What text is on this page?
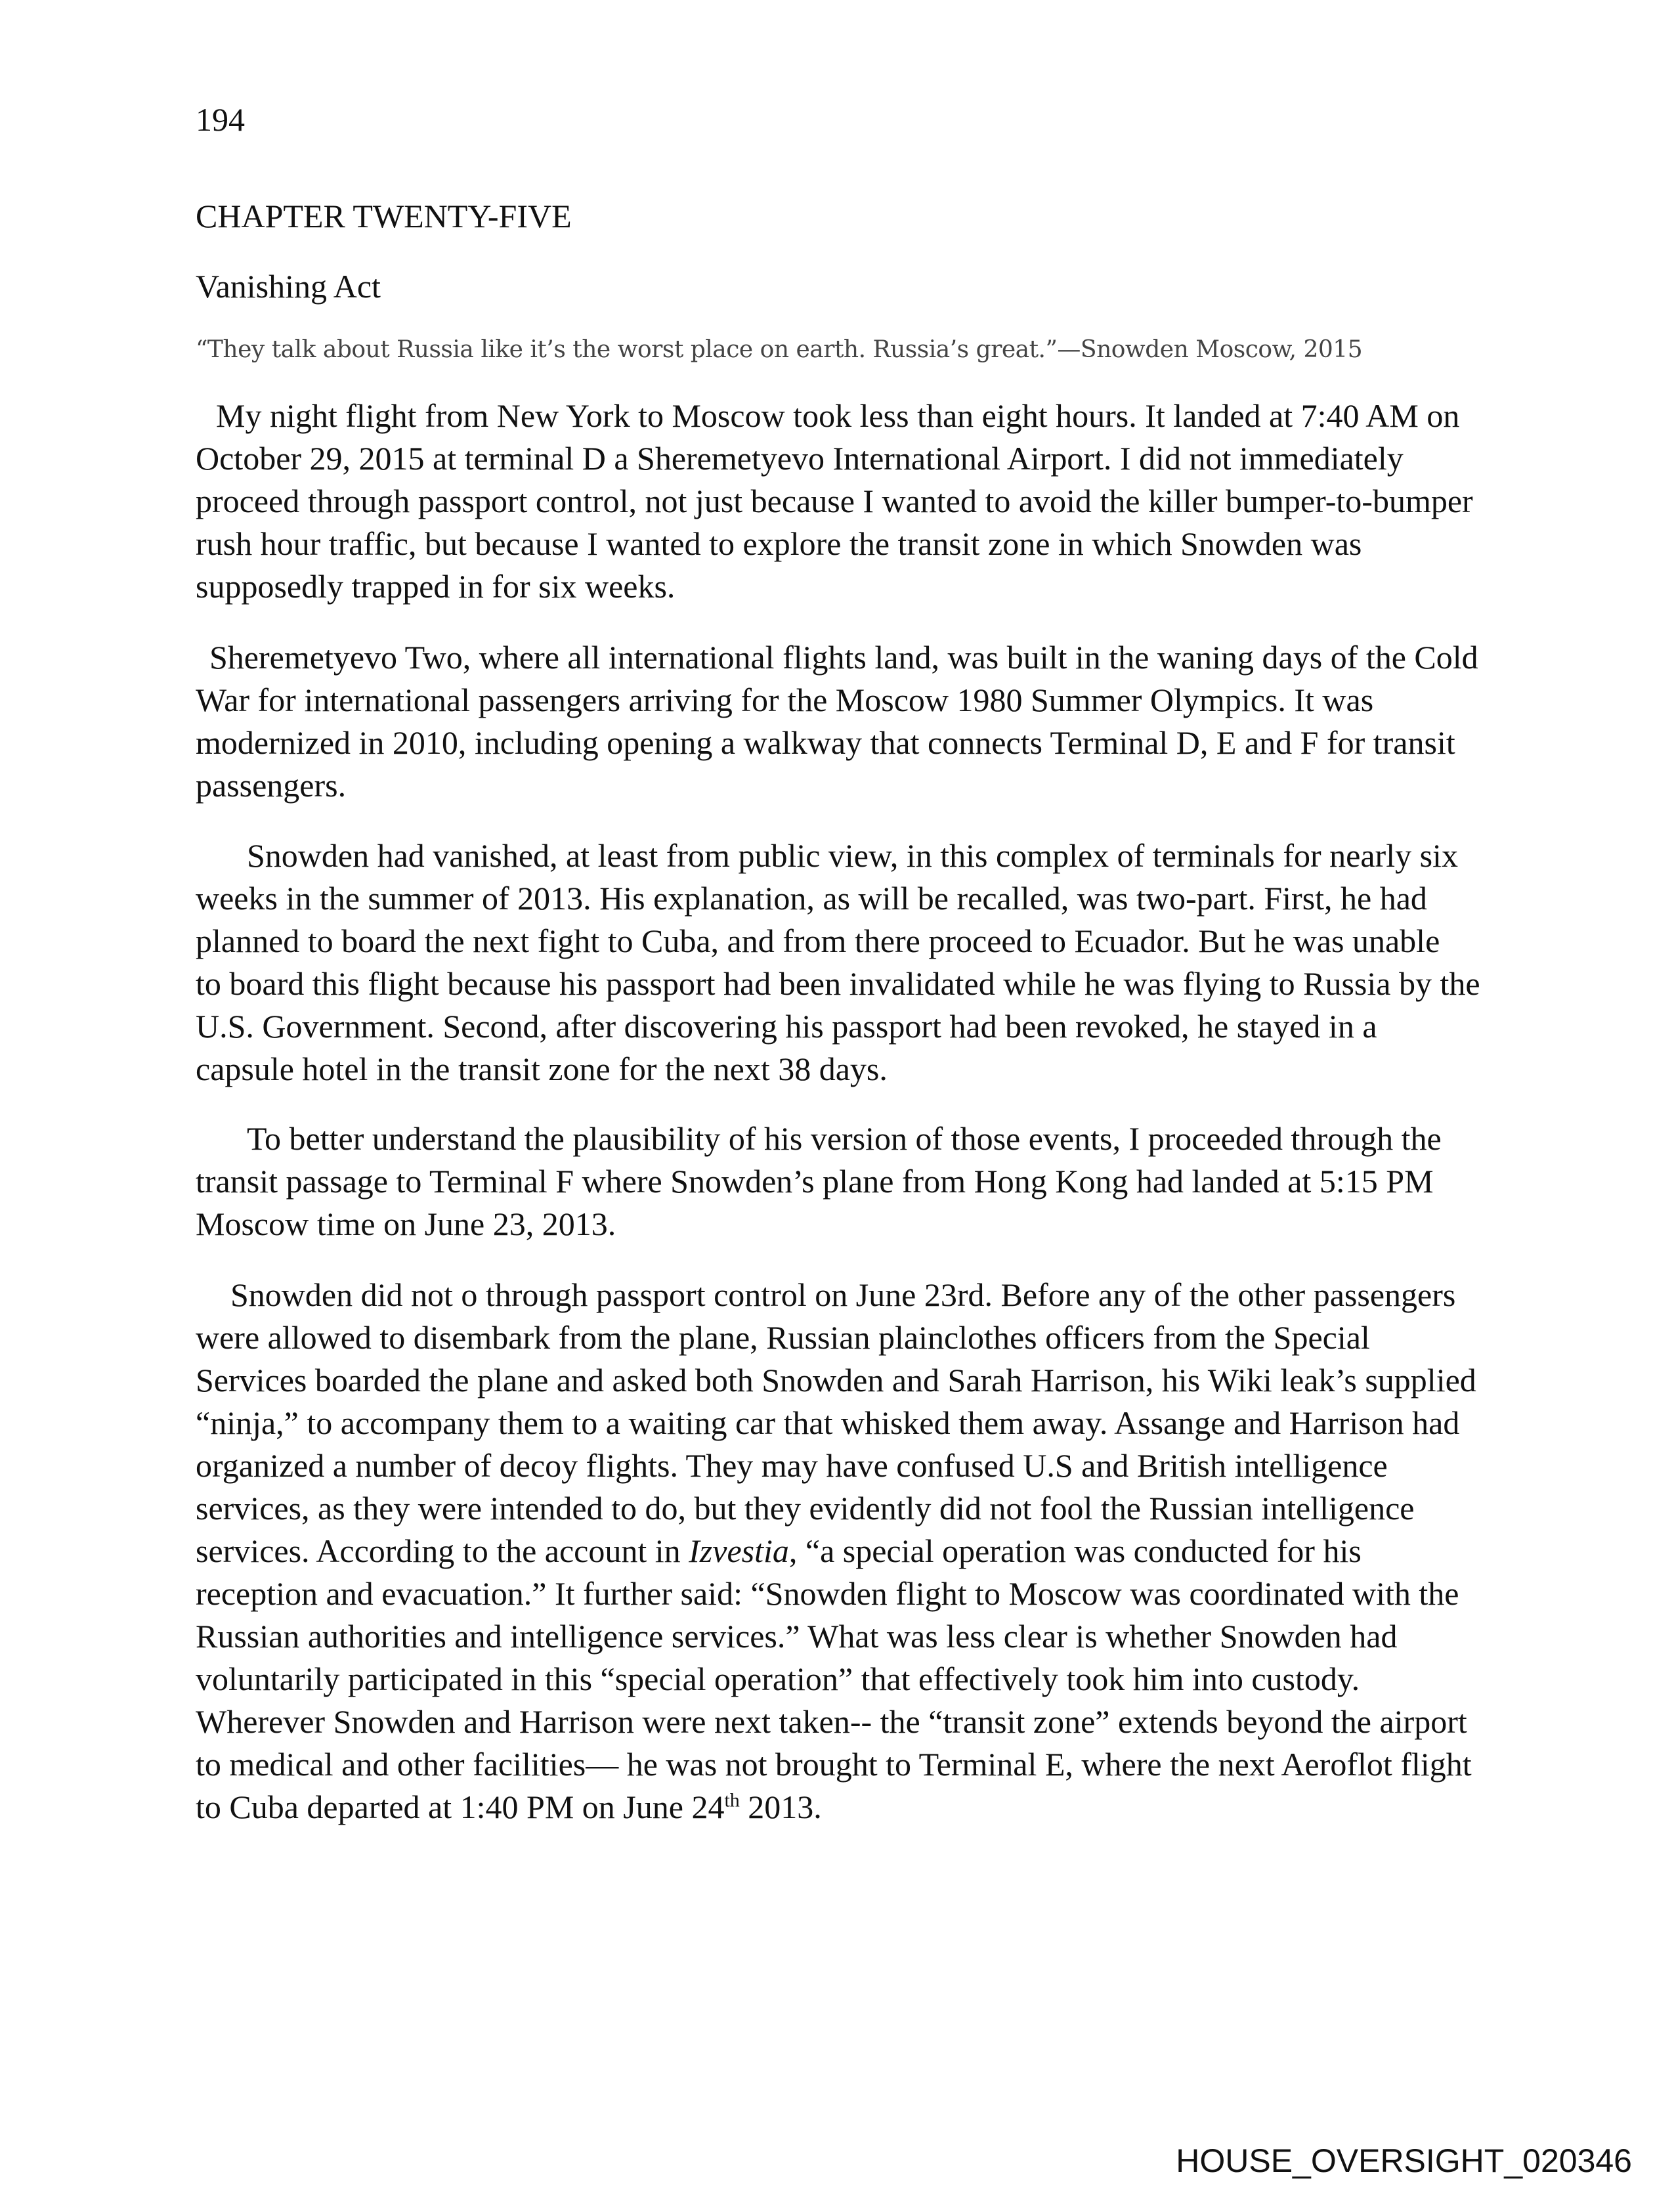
194
CHAPTER TWENTY-FIVE
Vanishing Act
“They talk about Russia like it’s the worst place on earth. Russia’s great.”—Snowden Moscow, 2015
My night flight from New York to Moscow took less than eight hours. It landed at 7:40 AM on
October 29, 2015 at terminal D a Sheremetyevo International Airport. I did not immediately
proceed through passport control, not just because I wanted to avoid the killer bumper-to-bumper
rush hour traffic, but because I wanted to explore the transit zone in which Snowden was
supposedly trapped in for six weeks.
Sheremetyevo Two, where all international flights land, was built in the waning days of the Cold
War for international passengers arriving for the Moscow 1980 Summer Olympics. It was
modernized in 2010, including opening a walkway that connects Terminal D, E and F for transit
passengers.
Snowden had vanished, at least from public view, in this complex of terminals for nearly six
weeks in the summer of 2013. His explanation, as will be recalled, was two-part. First, he had
planned to board the next fight to Cuba, and from there proceed to Ecuador. But he was unable
to board this flight because his passport had been invalidated while he was flying to Russia by the
U.S. Government. Second, after discovering his passport had been revoked, he stayed in a
capsule hotel in the transit zone for the next 38 days.
To better understand the plausibility of his version of those events, I proceeded through the
transit passage to Terminal F where Snowden’s plane from Hong Kong had landed at 5:15 PM
Moscow time on June 23, 2013.
Snowden did not o through passport control on June 23rd. Before any of the other passengers
were allowed to disembark from the plane, Russian plainclothes officers from the Special
Services boarded the plane and asked both Snowden and Sarah Harrison, his Wiki leak’s supplied
“ninja,” to accompany them to a waiting car that whisked them away. Assange and Harrison had
organized a number of decoy flights. They may have confused U.S and British intelligence
services, as they were intended to do, but they evidently did not fool the Russian intelligence
services. According to the account in Izvestia, “a special operation was conducted for his
reception and evacuation.” It further said: “Snowden flight to Moscow was coordinated with the
Russian authorities and intelligence services.” What was less clear is whether Snowden had
voluntarily participated in this “special operation” that effectively took him into custody.
Wherever Snowden and Harrison were next taken-- the “transit zone” extends beyond the airport
to medical and other facilities— he was not brought to Terminal E, where the next Aeroflot flight
to Cuba departed at 1:40 PM on June 24th 2013.
HOUSE_OVERSIGHT_020346
